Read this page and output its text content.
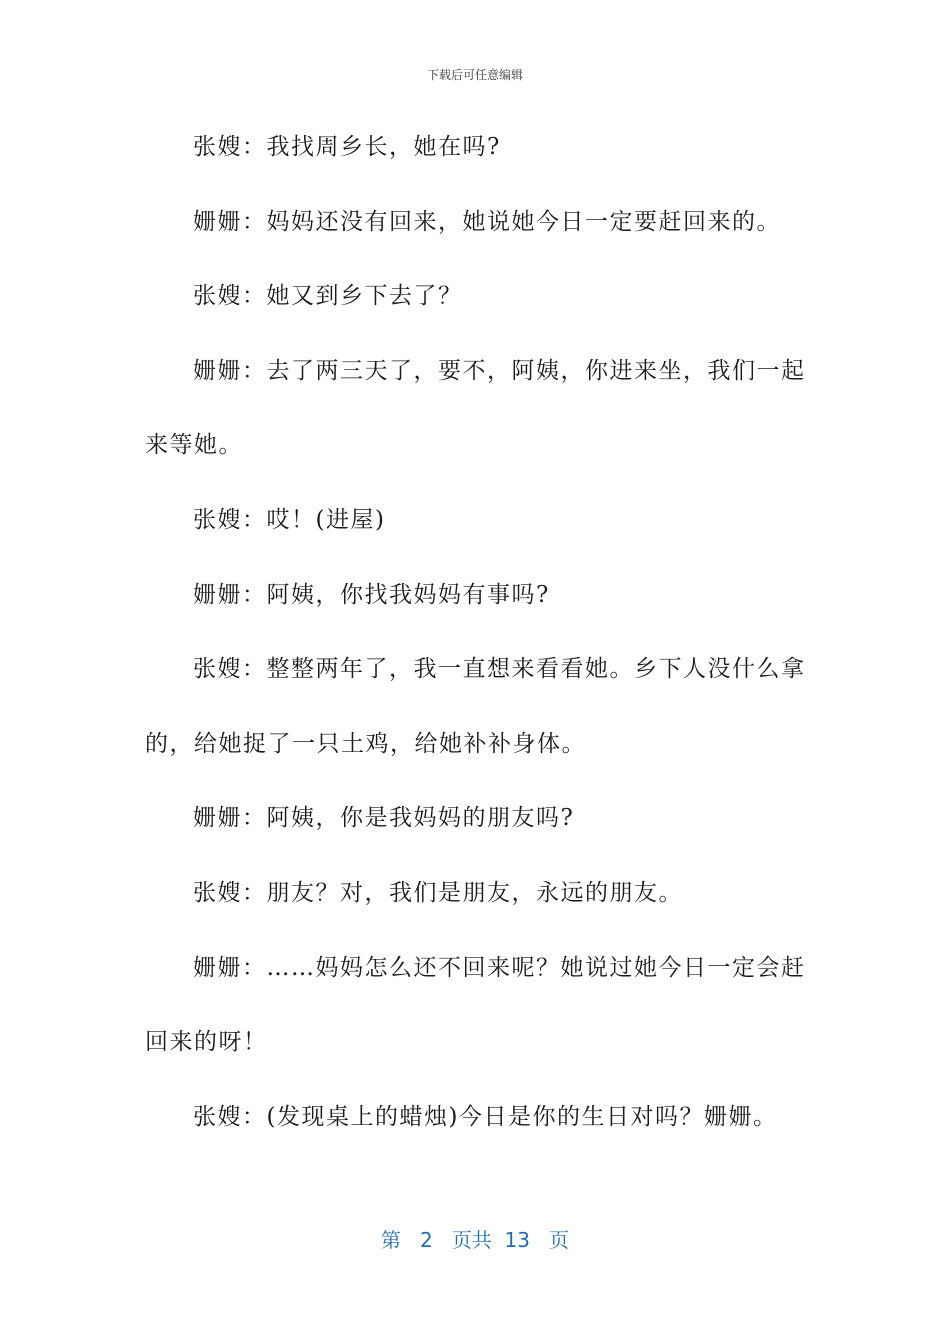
下载后可任意编辑
张嫂：我找周乡长，她在吗?
姗姗：妈妈还没有回来，她说她今日一定要赶回来的。
张嫂：她又到乡下去了？
姗姗：去了两三天了，要不，阿姨，你进来坐，我们一起
来等她。
张嫂：哎！(进屋)
姗姗：阿姨，你找我妈妈有事吗?
张嫂：整整两年了，我一直想来看看她。乡下人没什么拿
的，给她捉了一只土鸡，给她补补身体。
姗姗：阿姨，你是我妈妈的朋友吗?
张嫂：朋友？对，我们是朋友，永远的朋友。
姗姗：……妈妈怎么还不回来呢？她说过她今日一定会赶
回来的呀！
张嫂：(发现桌上的蜡烛)今日是你的生日对吗？姗姗。
第 2 页共 13 页
